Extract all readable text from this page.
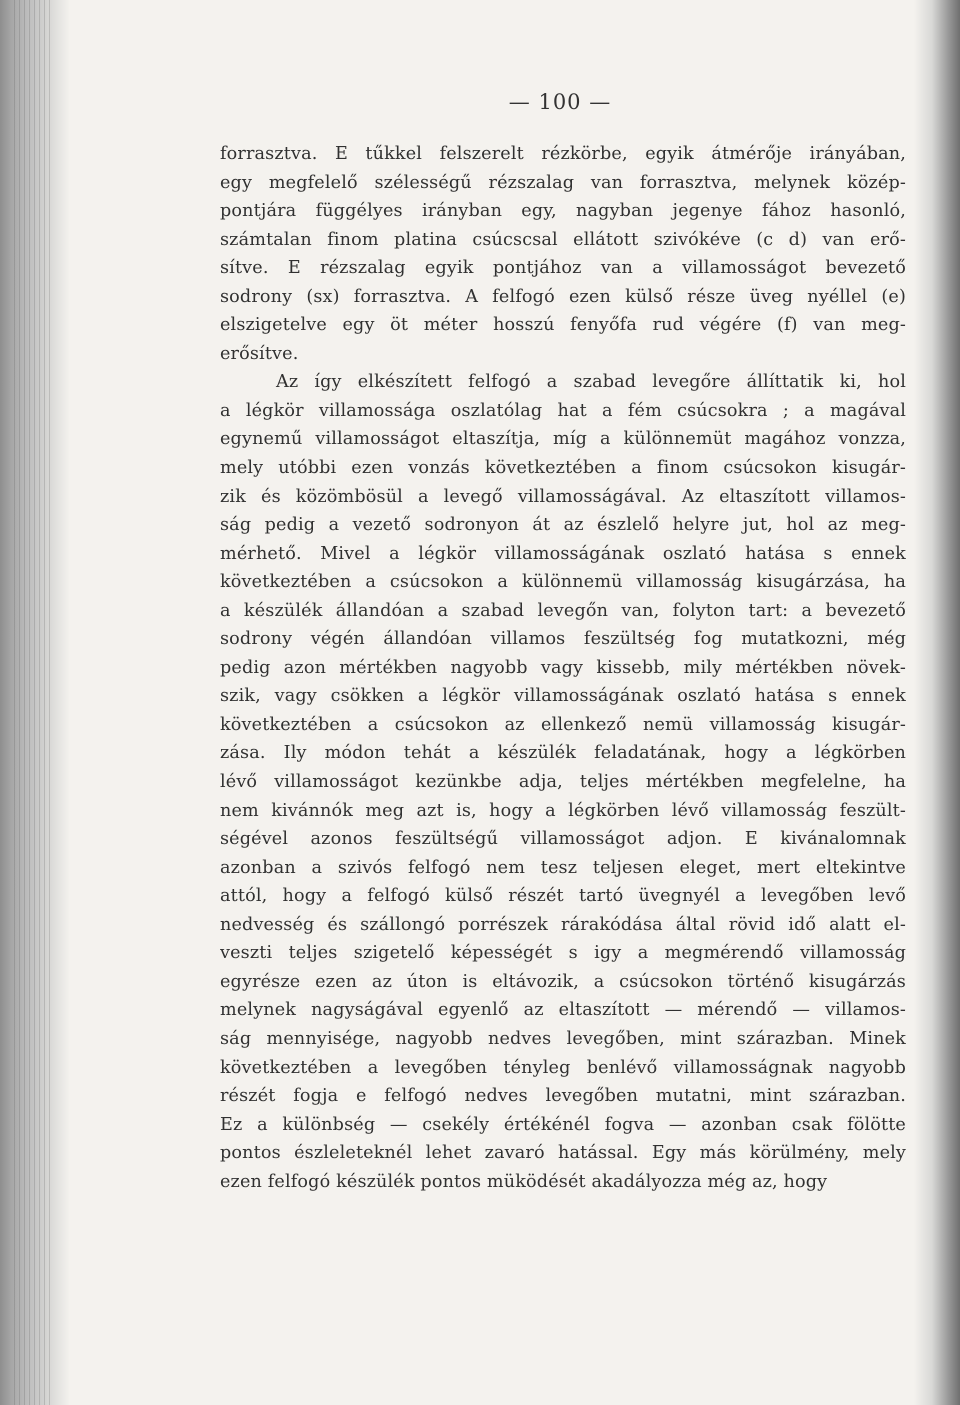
— 100 —
forrasztva. E tűkkel felszerelt rézkörbe, egyik átmérője irányában,
egy megfelelő szélességű rézszalag van forrasztva, melynek közép-
pontjára függélyes irányban egy, nagyban jegenye fához hasonló,
számtalan finom platina csúcscsal ellátott szivókéve (c d) van erő-
sítve. E rézszalag egyik pontjához van a villamosságot bevezető
sodrony (sx) forrasztva. A felfogó ezen külső része üveg nyéllel (e)
elszigetelve egy öt méter hosszú fenyőfa rud végére (f) van meg-
erősítve.
Az így elkészített felfogó a szabad levegőre állíttatik ki, hol
a légkör villamossága oszlatólag hat a fém csúcsokra ; a magával
egynemű villamosságot eltaszítja, míg a különnemüt magához vonzza,
mely utóbbi ezen vonzás következtében a finom csúcsokon kisugár-
zik és közömbösül a levegő villamosságával. Az eltaszított villamos-
ság pedig a vezető sodronyon át az észlelő helyre jut, hol az meg-
mérhető. Mivel a légkör villamosságának oszlató hatása s ennek
következtében a csúcsokon a különnemü villamosság kisugárzása, ha
a készülék állandóan a szabad levegőn van, folyton tart: a bevezető
sodrony végén állandóan villamos feszültség fog mutatkozni, még
pedig azon mértékben nagyobb vagy kissebb, mily mértékben növek-
szik, vagy csökken a légkör villamosságának oszlató hatása s ennek
következtében a csúcsokon az ellenkező nemü villamosság kisugár-
zása. Ily módon tehát a készülék feladatának, hogy a légkörben
lévő villamosságot kezünkbe adja, teljes mértékben megfelelne, ha
nem kivánnók meg azt is, hogy a légkörben lévő villamosság feszült-
ségével azonos feszültségű villamosságot adjon. E kivánalomnak
azonban a szivós felfogó nem tesz teljesen eleget, mert eltekintve
attól, hogy a felfogó külső részét tartó üvegnyél a levegőben levő
nedvesség és szállongó porrészek rárakódása által rövid idő alatt el-
veszti teljes szigetelő képességét s igy a megmérendő villamosság
egyrésze ezen az úton is eltávozik, a csúcsokon történő kisugárzás
melynek nagyságával egyenlő az eltaszított — mérendő — villamos-
ság mennyisége, nagyobb nedves levegőben, mint szárazban. Minek
következtében a levegőben tényleg benlévő villamosságnak nagyobb
részét fogja e felfogó nedves levegőben mutatni, mint szárazban.
Ez a különbség — csekély értékénél fogva — azonban csak fölötte
pontos észleleteknél lehet zavaró hatással. Egy más körülmény, mely
ezen felfogó készülék pontos müködését akadályozza még az, hogy
